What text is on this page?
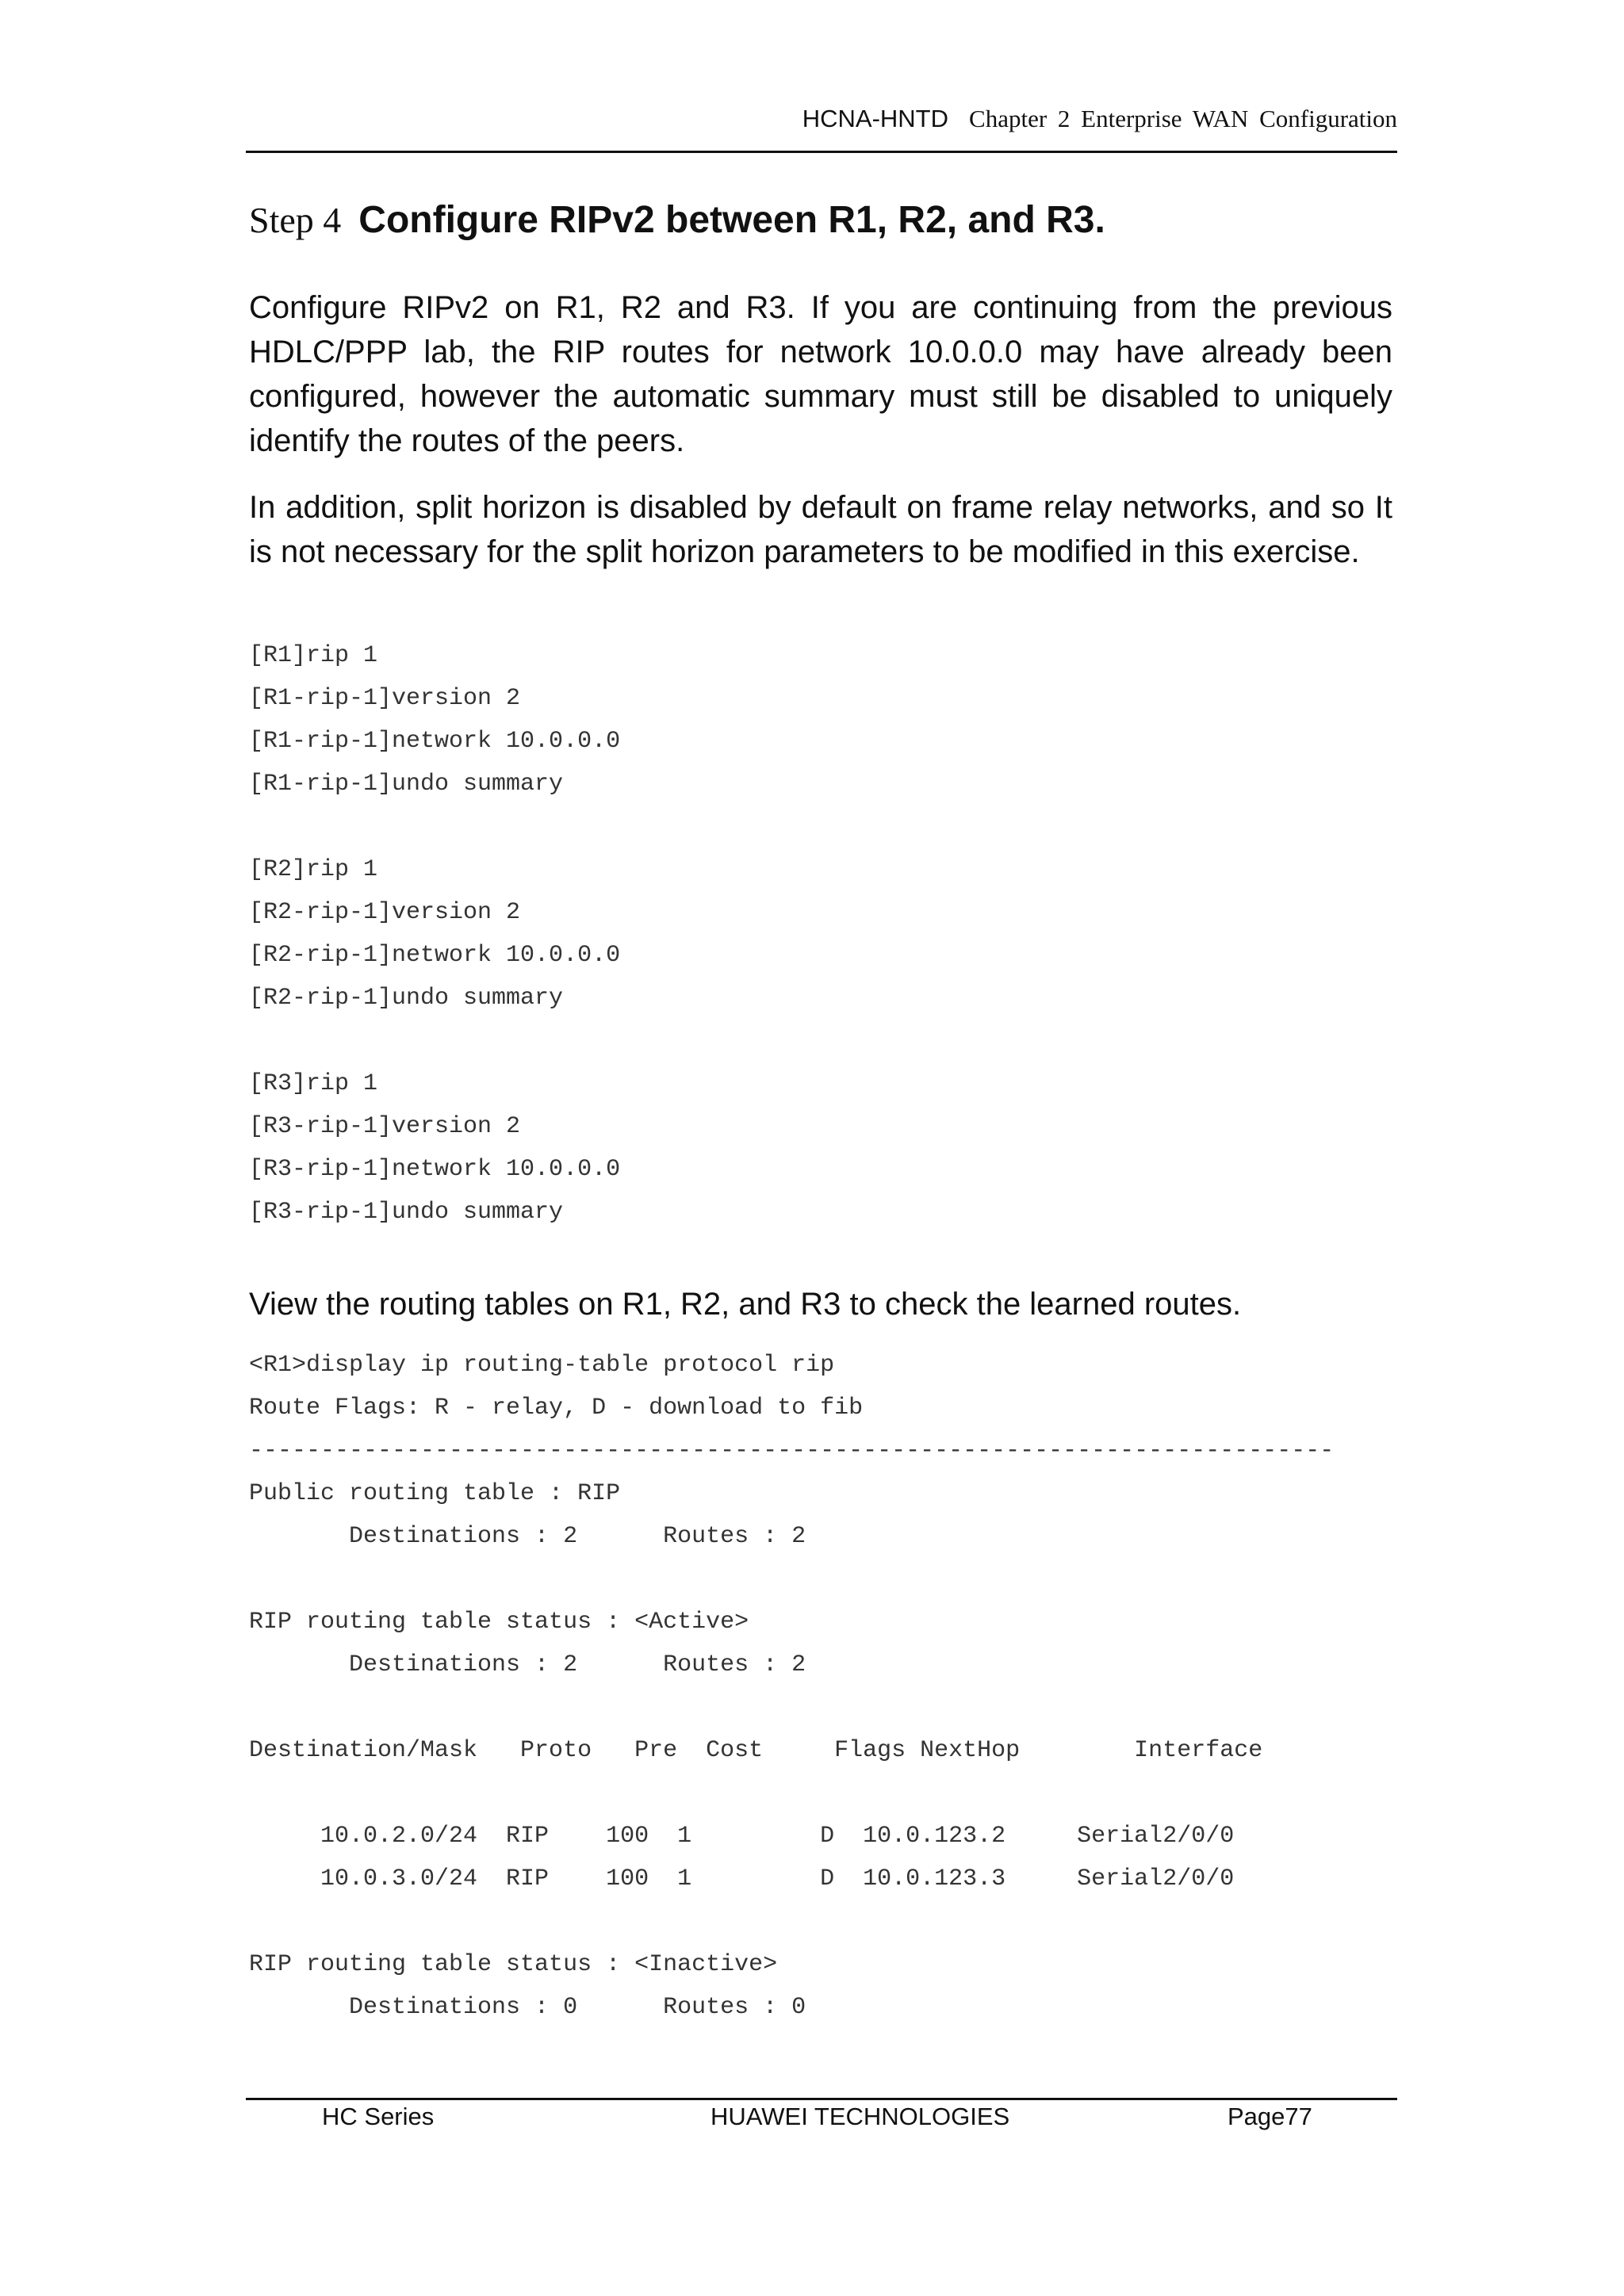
HCNA-HNTD Chapter 2 Enterprise WAN Configuration
Step 4 Configure RIPv2 between R1, R2, and R3.

Configure RIPv2 on R1, R2 and R3. If you are continuing from the previous HDLC/PPP lab, the RIP routes for network 10.0.0.0 may have already been configured, however the automatic summary must still be disabled to uniquely identify the routes of the peers.

In addition, split horizon is disabled by default on frame relay networks, and so It is not necessary for the split horizon parameters to be modified in this exercise.

[R1]rip 1
[R1-rip-1]version 2
[R1-rip-1]network 10.0.0.0
[R1-rip-1]undo summary
[R2]rip 1
[R2-rip-1]version 2
[R2-rip-1]network 10.0.0.0
[R2-rip-1]undo summary
[R3]rip 1
[R3-rip-1]version 2
[R3-rip-1]network 10.0.0.0
[R3-rip-1]undo summary

View the routing tables on R1, R2, and R3 to check the learned routes.

<R1>display ip routing-table protocol rip
Route Flags: R - relay, D - download to fib
----------------------------------------------------------------------------
Public routing table : RIP
Destinations : 2      Routes : 2
RIP routing table status : <Active>
Destinations : 2      Routes : 2
Destination/Mask   Proto   Pre  Cost     Flags NextHop        Interface
10.0.2.0/24  RIP    100  1         D  10.0.123.2     Serial2/0/0
10.0.3.0/24  RIP    100  1         D  10.0.123.3     Serial2/0/0
RIP routing table status : <Inactive>
Destinations : 0      Routes : 0
HC Series	HUAWEI TECHNOLOGIES	Page77
